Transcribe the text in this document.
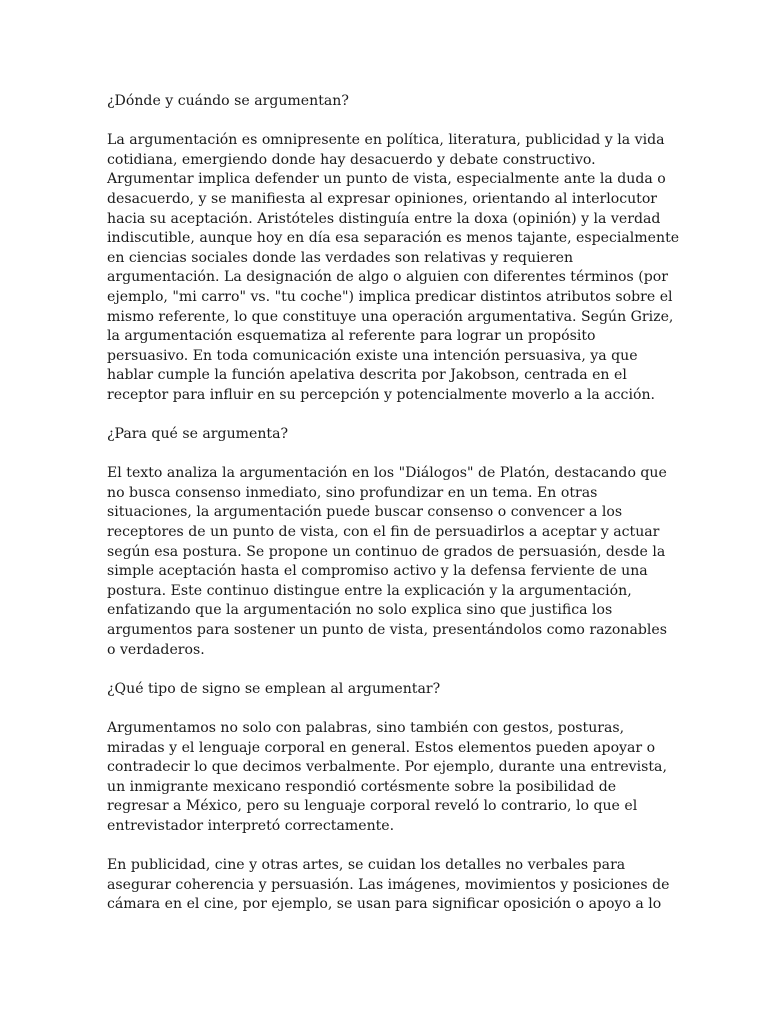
¿Dónde y cuándo se argumentan?

La argumentación es omnipresente en política, literatura, publicidad y la vida
cotidiana, emergiendo donde hay desacuerdo y debate constructivo.
Argumentar implica defender un punto de vista, especialmente ante la duda o
desacuerdo, y se manifiesta al expresar opiniones, orientando al interlocutor
hacia su aceptación. Aristóteles distinguía entre la doxa (opinión) y la verdad
indiscutible, aunque hoy en día esa separación es menos tajante, especialmente
en ciencias sociales donde las verdades son relativas y requieren
argumentación. La designación de algo o alguien con diferentes términos (por
ejemplo, "mi carro" vs. "tu coche") implica predicar distintos atributos sobre el
mismo referente, lo que constituye una operación argumentativa. Según Grize,
la argumentación esquematiza al referente para lograr un propósito
persuasivo. En toda comunicación existe una intención persuasiva, ya que
hablar cumple la función apelativa descrita por Jakobson, centrada en el
receptor para influir en su percepción y potencialmente moverlo a la acción.

¿Para qué se argumenta?

El texto analiza la argumentación en los "Diálogos" de Platón, destacando que
no busca consenso inmediato, sino profundizar en un tema. En otras
situaciones, la argumentación puede buscar consenso o convencer a los
receptores de un punto de vista, con el fin de persuadirlos a aceptar y actuar
según esa postura. Se propone un continuo de grados de persuasión, desde la
simple aceptación hasta el compromiso activo y la defensa ferviente de una
postura. Este continuo distingue entre la explicación y la argumentación,
enfatizando que la argumentación no solo explica sino que justifica los
argumentos para sostener un punto de vista, presentándolos como razonables
o verdaderos.

¿Qué tipo de signo se emplean al argumentar?

Argumentamos no solo con palabras, sino también con gestos, posturas,
miradas y el lenguaje corporal en general. Estos elementos pueden apoyar o
contradecir lo que decimos verbalmente. Por ejemplo, durante una entrevista,
un inmigrante mexicano respondió cortésmente sobre la posibilidad de
regresar a México, pero su lenguaje corporal reveló lo contrario, lo que el
entrevistador interpretó correctamente.

En publicidad, cine y otras artes, se cuidan los detalles no verbales para
asegurar coherencia y persuasión. Las imágenes, movimientos y posiciones de
cámara en el cine, por ejemplo, se usan para significar oposición o apoyo a lo
